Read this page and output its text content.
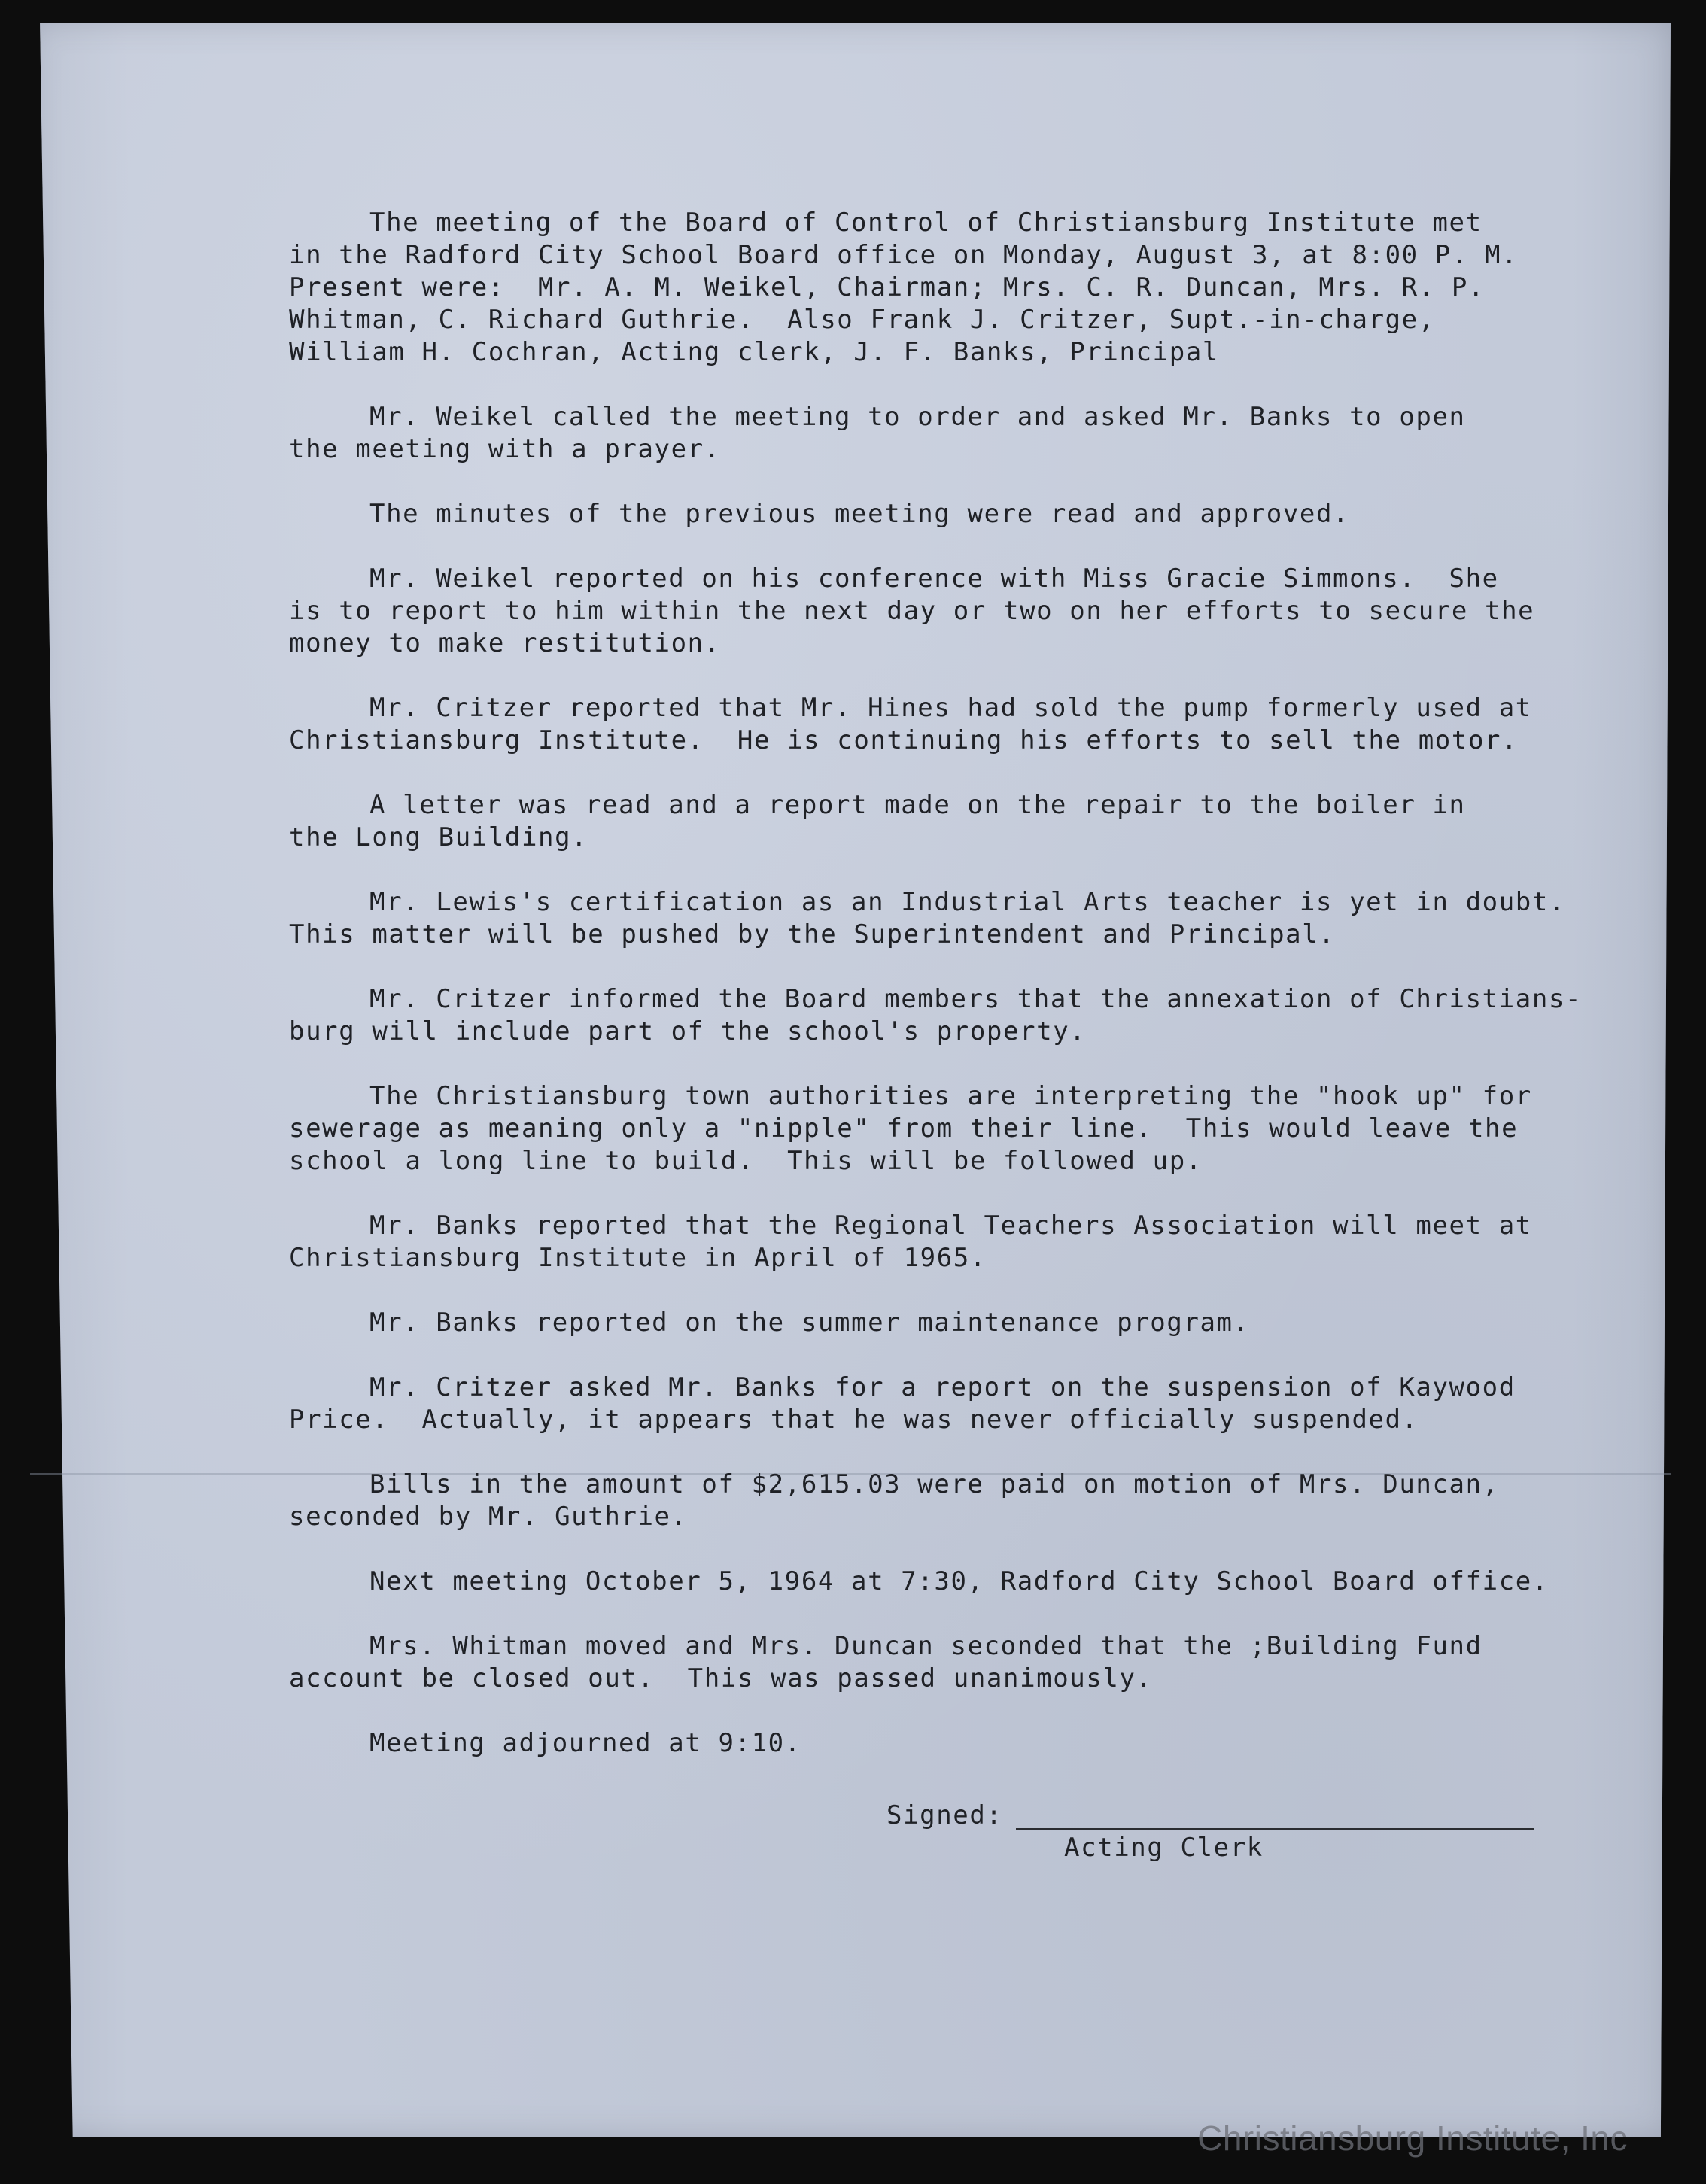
The meeting of the Board of Control of Christiansburg Institute met
in the Radford City School Board office on Monday, August 3, at 8:00 P. M.
Present were:  Mr. A. M. Weikel, Chairman; Mrs. C. R. Duncan, Mrs. R. P.
Whitman, C. Richard Guthrie.  Also Frank J. Critzer, Supt.-in-charge,
William H. Cochran, Acting clerk, J. F. Banks, Principal
Mr. Weikel called the meeting to order and asked Mr. Banks to open
the meeting with a prayer.
The minutes of the previous meeting were read and approved.
Mr. Weikel reported on his conference with Miss Gracie Simmons.  She
is to report to him within the next day or two on her efforts to secure the
money to make restitution.
Mr. Critzer reported that Mr. Hines had sold the pump formerly used at
Christiansburg Institute.  He is continuing his efforts to sell the motor.
A letter was read and a report made on the repair to the boiler in
the Long Building.
Mr. Lewis's certification as an Industrial Arts teacher is yet in doubt.
This matter will be pushed by the Superintendent and Principal.
Mr. Critzer informed the Board members that the annexation of Christians-
burg will include part of the school's property.
The Christiansburg town authorities are interpreting the "hook up" for
sewerage as meaning only a "nipple" from their line.  This would leave the
school a long line to build.  This will be followed up.
Mr. Banks reported that the Regional Teachers Association will meet at
Christiansburg Institute in April of 1965.
Mr. Banks reported on the summer maintenance program.
Mr. Critzer asked Mr. Banks for a report on the suspension of Kaywood
Price.  Actually, it appears that he was never officially suspended.
Bills in the amount of $2,615.03 were paid on motion of Mrs. Duncan,
seconded by Mr. Guthrie.
Next meeting October 5, 1964 at 7:30, Radford City School Board office.
Mrs. Whitman moved and Mrs. Duncan seconded that the ;Building Fund
account be closed out.  This was passed unanimously.
Meeting adjourned at 9:10.
Signed:
Acting Clerk
Christiansburg Institute, Inc
